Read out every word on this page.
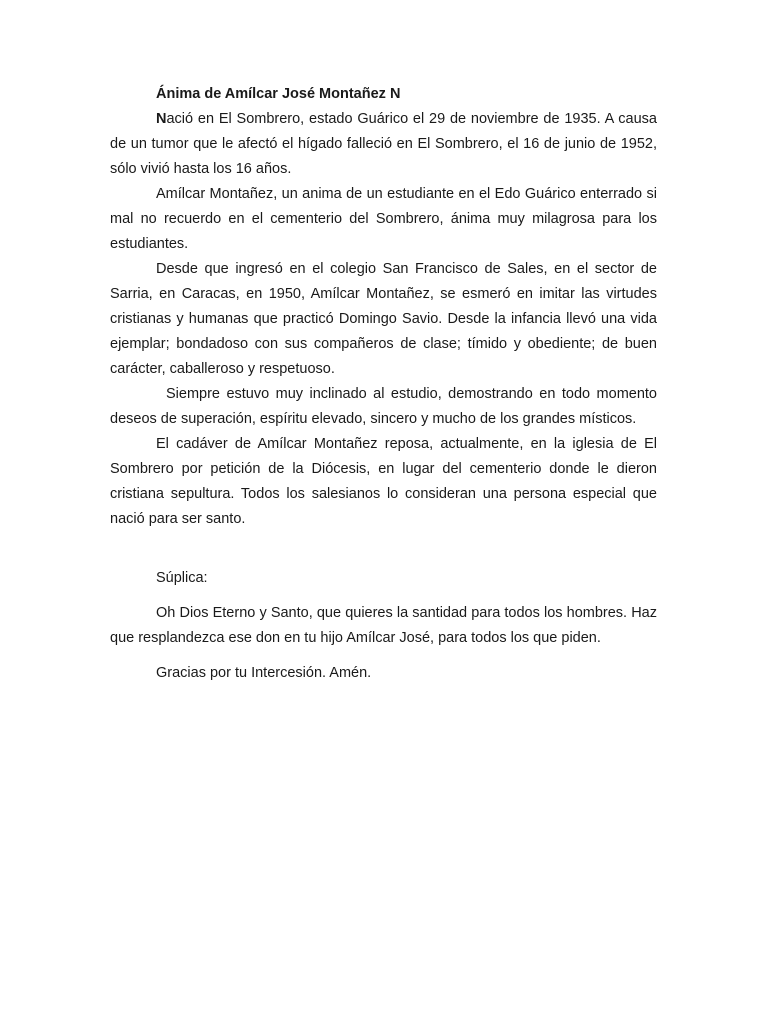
Ánima de Amílcar José Montañez N

Nació en El Sombrero, estado Guárico el 29 de noviembre de 1935. A causa de un tumor que le afectó el hígado falleció en El Sombrero, el 16 de junio de 1952, sólo vivió hasta los 16 años.

Amílcar Montañez, un anima de un estudiante en el Edo Guárico enterrado si mal no recuerdo en el cementerio del Sombrero, ánima muy milagrosa para los estudiantes.

Desde que ingresó en el colegio San Francisco de Sales, en el sector de Sarria, en Caracas, en 1950, Amílcar Montañez, se esmeró en imitar las virtudes cristianas y humanas que practicó Domingo Savio. Desde la infancia llevó una vida ejemplar; bondadoso con sus compañeros de clase; tímido y obediente; de buen carácter, caballeroso y respetuoso.

Siempre estuvo muy inclinado al estudio, demostrando en todo momento deseos de superación, espíritu elevado, sincero y mucho de los grandes místicos.

El cadáver de Amílcar Montañez reposa, actualmente, en la iglesia de El Sombrero por petición de la Diócesis, en lugar del cementerio donde le dieron cristiana sepultura. Todos los salesianos lo consideran una persona especial que nació para ser santo.

Súplica:

Oh Dios Eterno y Santo, que quieres la santidad para todos los hombres. Haz que resplandezca ese don en tu hijo Amílcar José, para todos los que piden.

Gracias por tu Intercesión. Amén.
